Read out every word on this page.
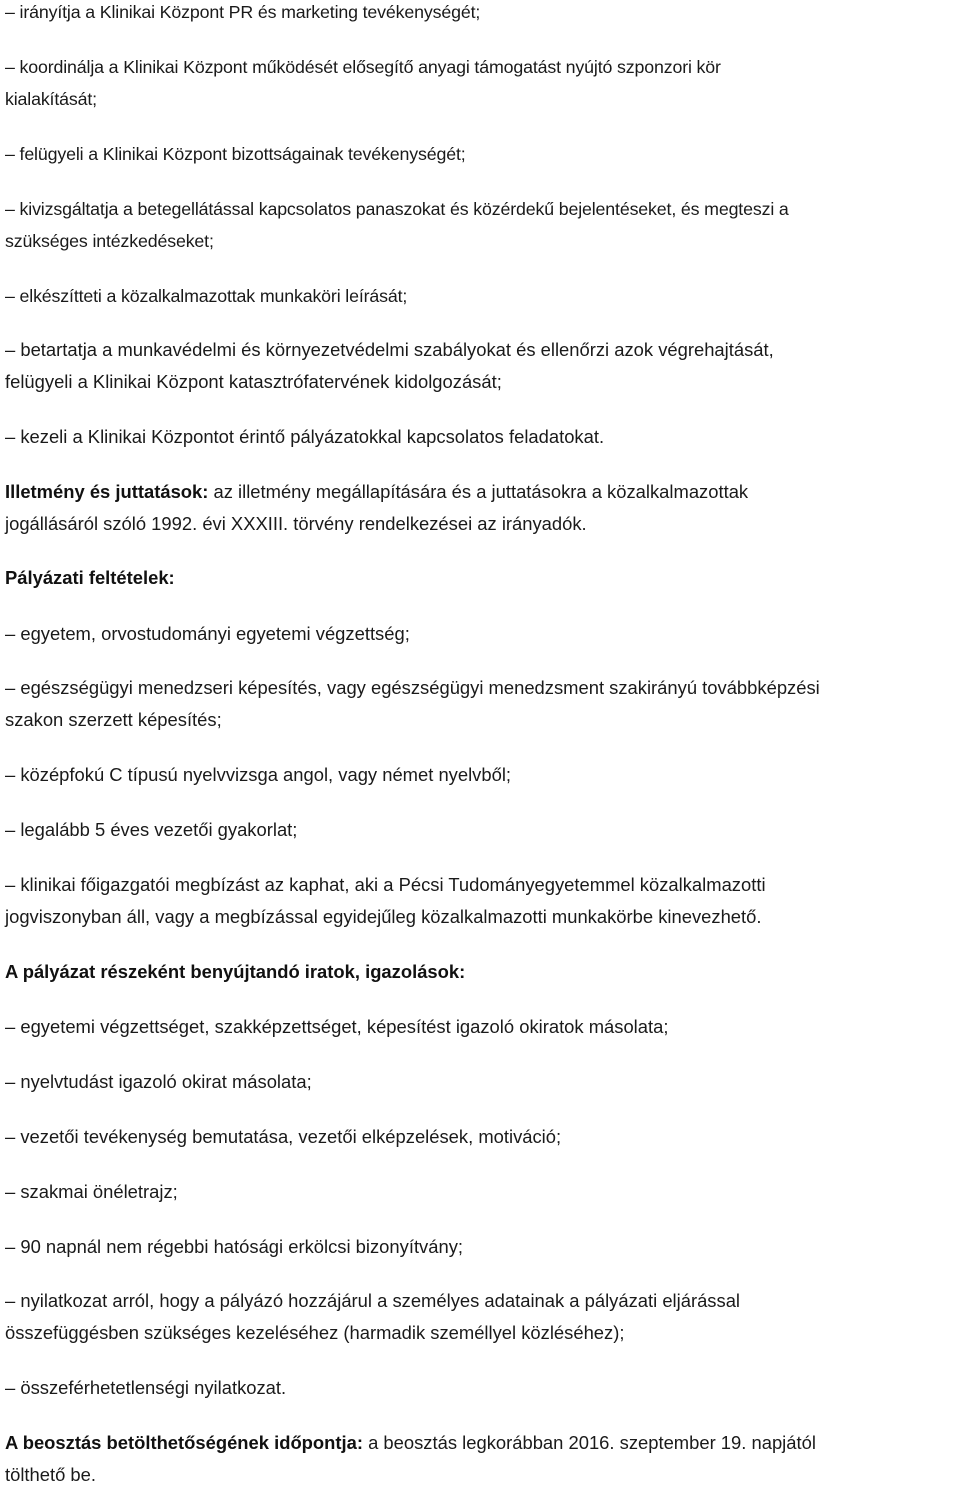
– irányítja a Klinikai Központ PR és marketing tevékenységét;
– koordinálja a Klinikai Központ működését elősegítő anyagi támogatást nyújtó szponzori kör
kialakítását;
– felügyeli a Klinikai Központ bizottságainak tevékenységét;
– kivizsgáltatja a betegellátással kapcsolatos panaszokat és közérdekű bejelentéseket, és megteszi a
szükséges intézkedéseket;
– elkészítteti a közalkalmazottak munkaköri leírását;
– betartatja a munkavédelmi és környezetvédelmi szabályokat és ellenőrzi azok végrehajtását,
felügyeli a Klinikai Központ katasztrófatervének kidolgozását;
– kezeli a Klinikai Központot érintő pályázatokkal kapcsolatos feladatokat.
Illetmény és juttatások: az illetmény megállapítására és a juttatásokra a közalkalmazottak
jogállásáról szóló 1992. évi XXXIII. törvény rendelkezései az irányadók.
Pályázati feltételek:
– egyetem, orvostudományi egyetemi végzettség;
– egészségügyi menedzseri képesítés, vagy egészségügyi menedzsment szakirányú továbbképzési
szakon szerzett képesítés;
– középfokú C típusú nyelvvizsga angol, vagy német nyelvből;
– legalább 5 éves vezetői gyakorlat;
– klinikai főigazgatói megbízást az kaphat, aki a Pécsi Tudományegyetemmel közalkalmazotti
jogviszonyban áll, vagy a megbízással egyidejűleg közalkalmazotti munkakörbe kinevezhető.
A pályázat részeként benyújtandó iratok, igazolások:
– egyetemi végzettséget, szakképzettséget, képesítést igazoló okiratok másolata;
– nyelvtudást igazoló okirat másolata;
– vezetői tevékenység bemutatása, vezetői elképzelések, motiváció;
– szakmai önéletrajz;
– 90 napnál nem régebbi hatósági erkölcsi bizonyítvány;
– nyilatkozat arról, hogy a pályázó hozzájárul a személyes adatainak a pályázati eljárással
összefüggésben szükséges kezeléséhez (harmadik személlyel közléséhez);
– összeférhetetlenségi nyilatkozat.
A beosztás betölthetőségének időpontja: a beosztás legkorábban 2016. szeptember 19. napjától
tölthető be.
